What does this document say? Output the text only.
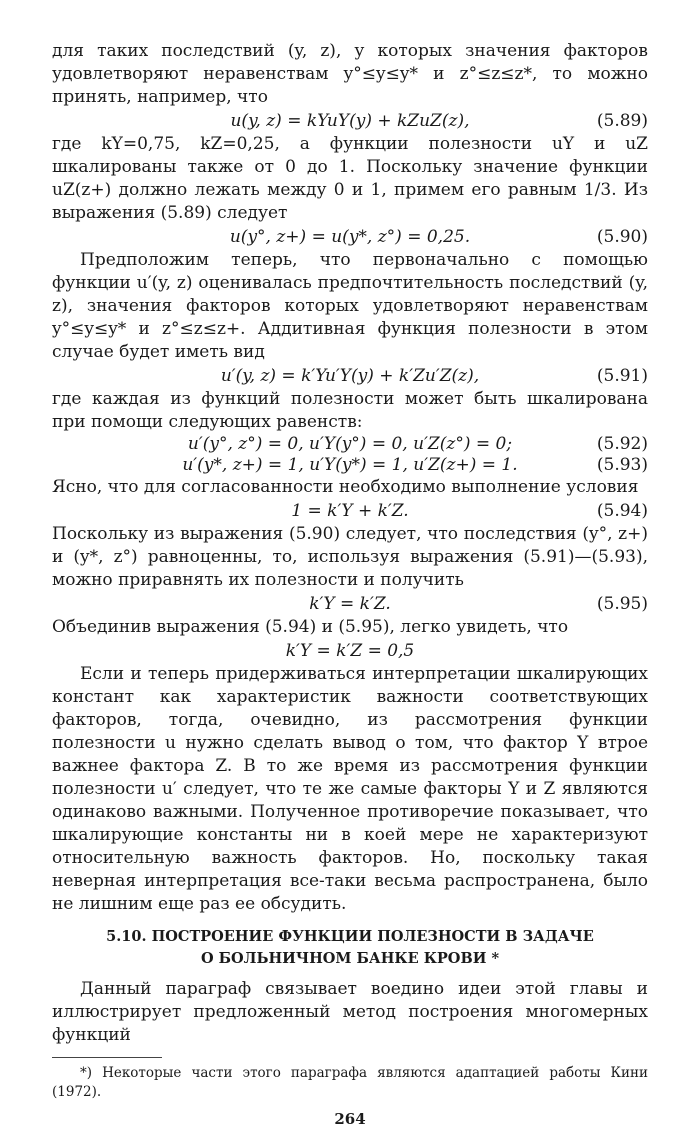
для таких последствий (y, z), у которых значения факторов удовлетворяют неравенствам y°≤y≤y* и z°≤z≤z*, то можно принять, например, что

u(y, z) = kYuY(y) + kZuZ(z),	(5.89)

где kY=0,75, kZ=0,25, а функции полезности uY и uZ шкалированы также от 0 до 1. Поскольку значение функции uZ(z+) должно лежать между 0 и 1, примем его равным 1/3. Из выражения (5.89) следует

u(y°, z+) = u(y*, z°) = 0,25.	(5.90)

Предположим теперь, что первоначально с помощью функции u′(y, z) оценивалась предпочтительность последствий (y, z), значения факторов которых удовлетворяют неравенствам y°≤y≤y* и z°≤z≤z+. Аддитивная функция полезности в этом случае будет иметь вид

u′(y, z) = k′Yu′Y(y) + k′Zu′Z(z),	(5.91)

где каждая из функций полезности может быть шкалирована при помощи следующих равенств:

u′(y°, z°) = 0, u′Y(y°) = 0, u′Z(z°) = 0;	(5.92)
u′(y*, z+) = 1, u′Y(y*) = 1, u′Z(z+) = 1.	(5.93)

Ясно, что для согласованности необходимо выполнение условия

1 = k′Y + k′Z.	(5.94)

Поскольку из выражения (5.90) следует, что последствия (y°, z+) и (y*, z°) равноценны, то, используя выражения (5.91)—(5.93), можно приравнять их полезности и получить

k′Y = k′Z.	(5.95)

Объединив выражения (5.94) и (5.95), легко увидеть, что

k′Y = k′Z = 0,5

Если и теперь придерживаться интерпретации шкалирующих констант как характеристик важности соответствующих факторов, тогда, очевидно, из рассмотрения функции полезности u нужно сделать вывод о том, что фактор Y втрое важнее фактора Z. В то же время из рассмотрения функции полезности u′ следует, что те же самые факторы Y и Z являются одинаково важными. Полученное противоречие показывает, что шкалирующие константы ни в коей мере не характеризуют относительную важность факторов. Но, поскольку такая неверная интерпретация все-таки весьма распространена, было не лишним еще раз ее обсудить.

5.10. ПОСТРОЕНИЕ ФУНКЦИИ ПОЛЕЗНОСТИ В ЗАДАЧЕ
О БОЛЬНИЧНОМ БАНКЕ КРОВИ *

Данный параграф связывает воедино идеи этой главы и иллюстрирует предложенный метод построения многомерных функций

*) Некоторые части этого параграфа являются адаптацией работы Кини (1972).

264
